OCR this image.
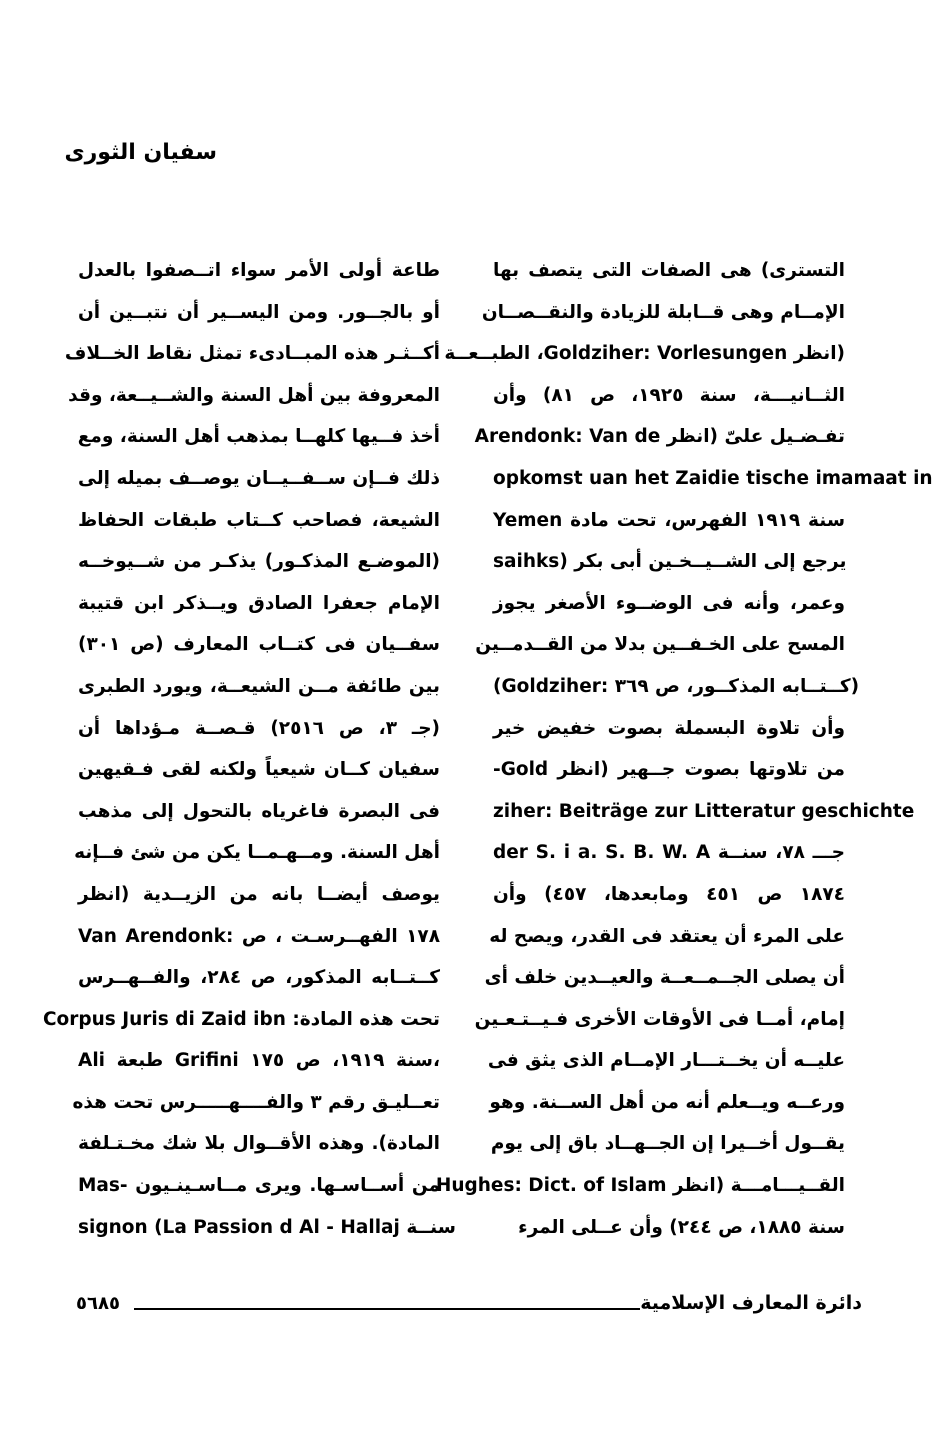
سفيان الثورى
التسترى) هى الصفات التى يتصف بها
الإمــام وهى قــابلة للزيادة والنقــصــان
(انظر Goldziher: Vorlesungen، الطبــعــة
الثــانيـــة، سنة ١٩٢٥، ص ٨١) وأن
تفـضـيل علىّ (انظر Arendonk: Van de
opkomst uan het Zaidie tische imamaat in
Yemen سنة ١٩١٩ الفهرس، تحت مادة
saihks) يرجع إلى الشــيــخـين أبى بكر
وعمر، وأنه فى الوضــوء الأصغر يجوز
المسح على الخـفــين بدلا من القــدمــين
(Goldziher: كــتــابه المذكــور، ص ٣٦٩)
وأن تلاوة البسملة بصوت خفيض خير
من تلاوتها بصوت جــهير (انظر Gold-
ziher: Beiträge zur Litteratur geschichte
der S. i a. S. B. W. A جـــ ٧٨، سنــة
١٨٧٤ ص ٤٥١ ومابعدها، ٤٥٧) وأن
على المرء أن يعتقد فى القدر، ويصح له
أن يصلى الجــمــعــة والعيــدين خلف أى
إمام، أمــا فى الأوقات الأخرى فـيــتـعـين
عليــه أن يخــتـــار الإمــام الذى يثق فى
ورعــه ويــعلم أنه من أهل الســنة. وهو
يقــول أخــيرا إن الجــهــاد باق إلى يوم
القــيـــامـــة (انظر Hughes: Dict. of Islam
سنة ١٨٨٥، ص ٢٤٤) وأن عــلى المرء
طاعة أولى الأمر سواء اتــصفوا بالعدل
أو بالجــور. ومن اليســير أن نتبــين أن
أكــثـر هذه المبــادىء تمثل نقاط الخــلاف
المعروفة بين أهل السنة والشــيــعة، وقد
أخذ فــيها كلهــا بمذهب أهل السنة، ومع
ذلك فــإن ســفــيــان يوصــف بميله إلى
الشيعة، فصاحب كــتاب طبقات الحفاظ
(الموضـع المذكـور) يذكـر من شــيوخــه
الإمام جعفرا الصادق ويــذكر ابن قتيبة
سفــيان فى كتــاب المعارف (ص ٣٠١)
بين طائفة مــن الشيعــة، ويورد الطبرى
(جـ ٣، ص ٢٥١٦) قـصــة مـؤداها أن
سفيان كــان شيعياً ولكنه لقى فـقيهين
فى البصرة فاغرياه بالتحول إلى مذهب
أهل السنة. ومــهـمــا يكن من شئ فــإنه
يوصف أيضــا بانه من الزيــدية (انظر
Van Arendonk: ١٧٨ الفهــرسـت ، ص
كــتــابه المذكور، ص ٢٨٤، والفــهــرس
تحت هذه المادة: Corpus Juris di Zaid ibn
Ali طبعة Grifini سنة ١٩١٩، ص ١٧٥،
تعــليـق رقم ٣ والفــــهـــــرس تحت هذه
المادة). وهذه الأقــوال بلا شك مخـتـلفة
من أســاسـها. ويرى مــاسـينـيون -Mas
signon (La Passion d Al - Hallaj سنــة
دائرة المعارف الإسلامية
٥٦٨٥
